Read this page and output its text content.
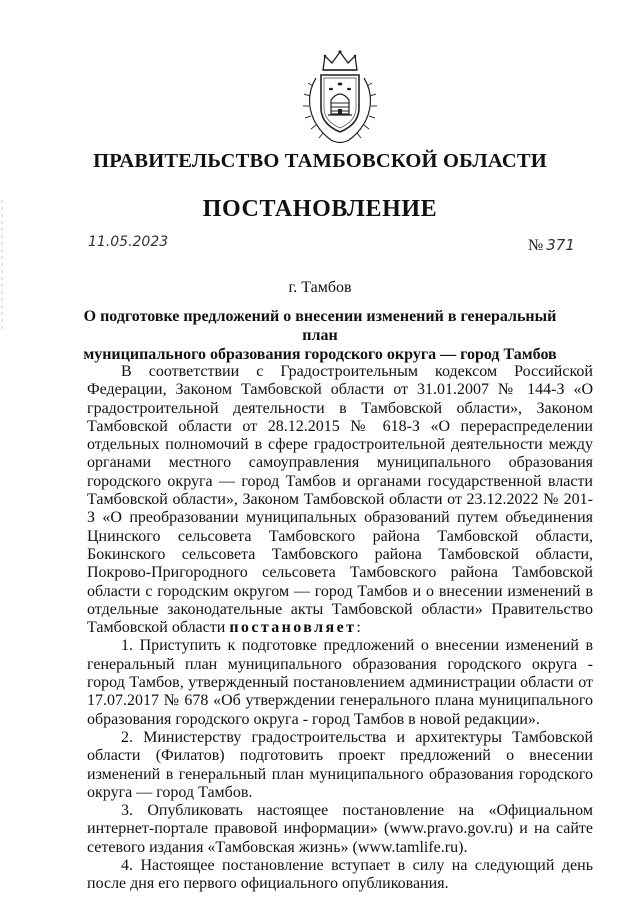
ПРАВИТЕЛЬСТВО ТАМБОВСКОЙ ОБЛАСТИ
ПОСТАНОВЛЕНИЕ
11.05.2023	№ 371
г. Тамбов
О подготовке предложений о внесении изменений в генеральный план
муниципального образования городского округа — город Тамбов

В соответствии с Градостроительным кодексом Российской Федерации, Законом Тамбовской области от 31.01.2007 № 144-З «О градостроительной деятельности в Тамбовской области», Законом Тамбовской области от 28.12.2015 № 618-З «О перераспределении отдельных полномочий в сфере градостроительной деятельности между органами местного самоуправления муниципального образования городского округа — город Тамбов и органами государственной власти Тамбовской области», Законом Тамбовской области от 23.12.2022 № 201-З «О преобразовании муниципальных образований путем объединения Цнинского сельсовета Тамбовского района Тамбовской области, Бокинского сельсовета Тамбовского района Тамбовской области, Покрово-Пригородного сельсовета Тамбовского района Тамбовской области с городским округом — город Тамбов и о внесении изменений в отдельные законодательные акты Тамбовской области» Правительство Тамбовской области постановляет:

1. Приступить к подготовке предложений о внесении изменений в генеральный план муниципального образования городского округа - город Тамбов, утвержденный постановлением администрации области от 17.07.2017 № 678 «Об утверждении генерального плана муниципального образования городского округа - город Тамбов в новой редакции».

2. Министерству градостроительства и архитектуры Тамбовской области (Филатов) подготовить проект предложений о внесении изменений в генеральный план муниципального образования городского округа — город Тамбов.

3. Опубликовать настоящее постановление на «Официальном интернет-портале правовой информации» (www.pravo.gov.ru) и на сайте сетевого издания «Тамбовская жизнь» (www.tamlife.ru).

4. Настоящее постановление вступает в силу на следующий день после дня его первого официального опубликования.
